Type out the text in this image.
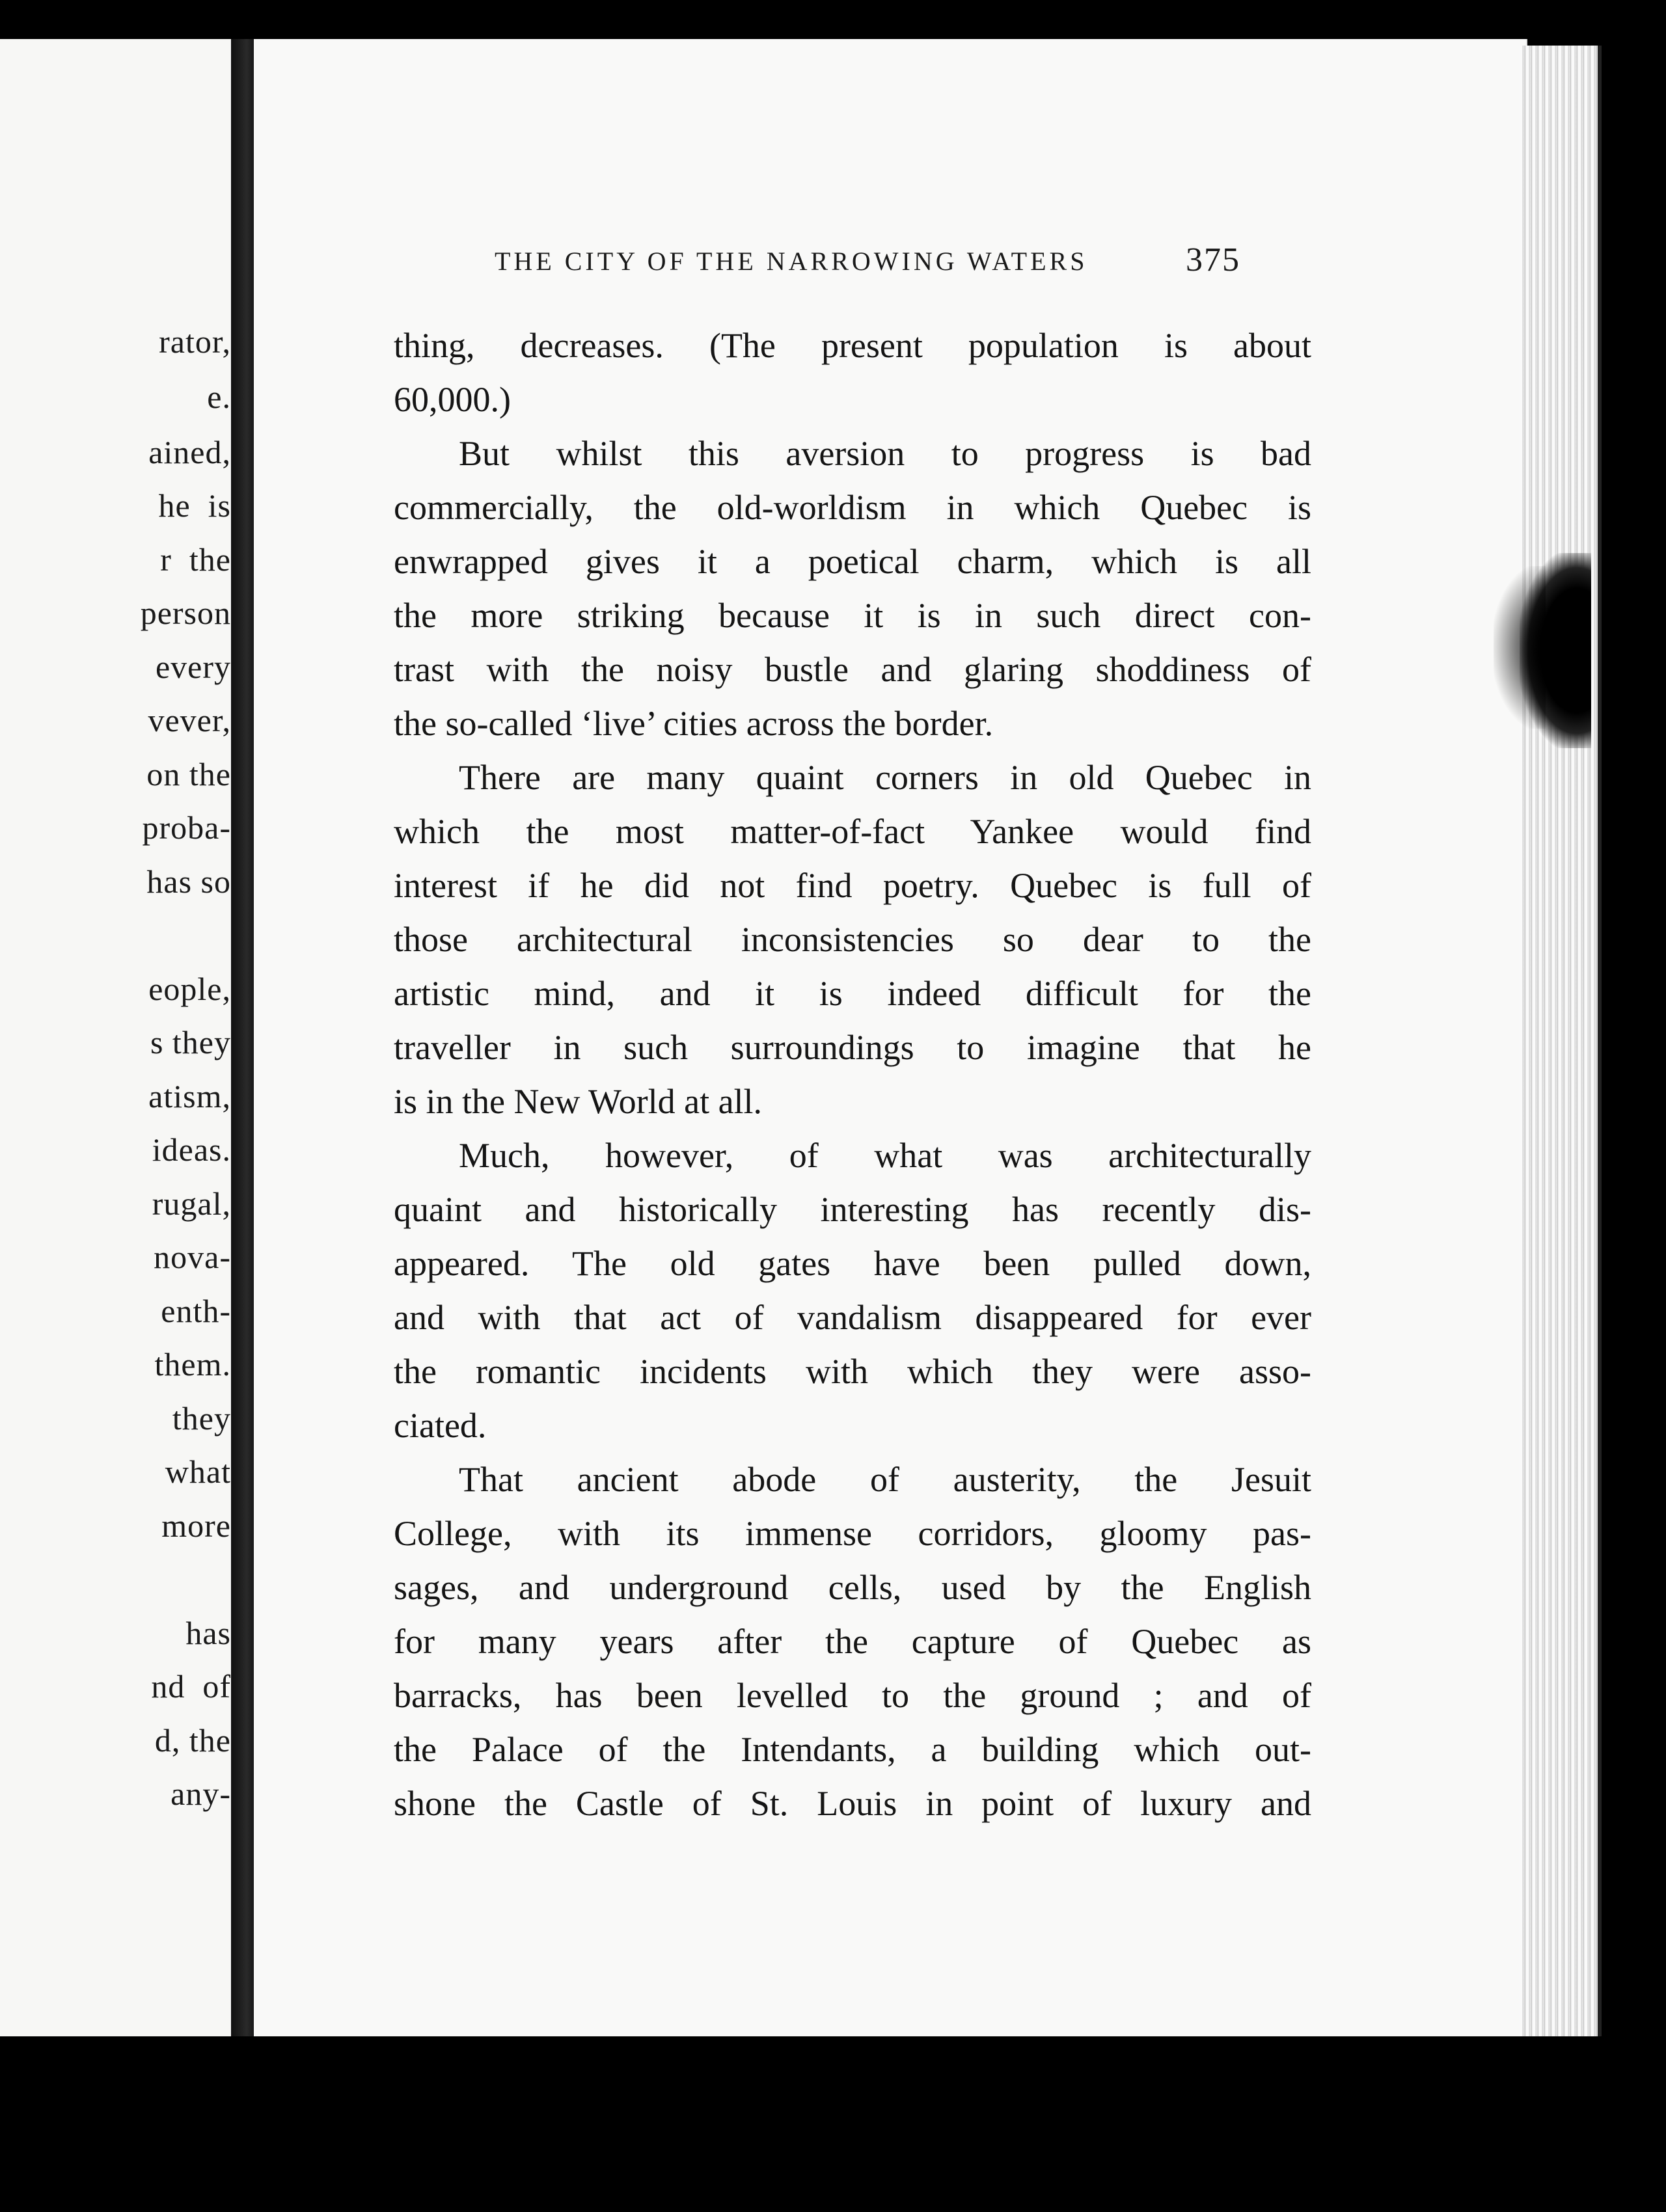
rator,
e.
ained,
he  is
r  the
person
every
vever,
on the
proba-
has so
eople,
s they
atism,
ideas.
rugal,
nova-
enth-
them.
they
what
more
has
nd  of
d, the
any-
THE CITY OF THE NARROWING WATERS	375
thing, decreases. (The present population is about
60,000.)
But whilst this aversion to progress is bad
commercially, the old-worldism in which Quebec is
enwrapped gives it a poetical charm, which is all
the more striking because it is in such direct con-
trast with the noisy bustle and glaring shoddiness of
the so-called ‘live’ cities across the border.
There are many quaint corners in old Quebec in
which the most matter-of-fact Yankee would find
interest if he did not find poetry. Quebec is full of
those architectural inconsistencies so dear to the
artistic mind, and it is indeed difficult for the
traveller in such surroundings to imagine that he
is in the New World at all.
Much, however, of what was architecturally
quaint and historically interesting has recently dis-
appeared. The old gates have been pulled down,
and with that act of vandalism disappeared for ever
the romantic incidents with which they were asso-
ciated.
That ancient abode of austerity, the Jesuit
College, with its immense corridors, gloomy pas-
sages, and underground cells, used by the English
for many years after the capture of Quebec as
barracks, has been levelled to the ground ; and of
the Palace of the Intendants, a building which out-
shone the Castle of St. Louis in point of luxury and
